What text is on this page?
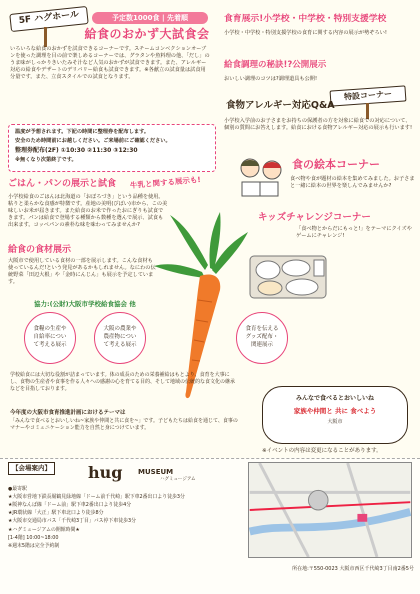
5F ハグホール	予定数1000食 | 先着順
給食のおかず大試食会
いろいろな給食のおかずを試食できるコーナーです。スチームコンベクションオーブンを使った調理を目の前で楽しめるコーナーでは、グラタンや魚料理の他、「だし」のうま味がしっかりきいたみそ汁など人気のおかずが試食できます。また、アレルギー対応の給食やデザートのデリバリー給食も試食できます。※各献立の試食量は試食用分量です。また、立食スタイルでの試食となります。

温度が予想されます。下記の時間に整理券を配布します。

安全のため時間前にお越しください。ご来場前にご確認ください。

整理券配布(2F) ①10:30 ②11:30 ③12:30

※無くなり次第終了です。

ごはん・パンの展示と試食 牛乳と関する展示も!
小学校給食のごはんは北海道の「おぼろづき」という品種を使用。粘りと柔らかな食感が特徴です。産地の美明(びばい)市から、この美味しいお米が届きます。また給食のお米で作ったおにぎりも試食できます。パンは給食で登場する種類から数種を選んで展示、試食も出来ます。コッペパンの素朴な味を味わってみませんか?
給食の食材展示
大阪市で使用している食材の一部を展示します。こんな食材も使っているんだ!という発見があるかもしれません。なにわの伝統野菜「田辺大根」や「金時にんじん」も展示を予定しています。
協力:(公財)大阪市学校給食協会 他
食糧の生産や自給率について考える展示
大阪の農業や農産物について考える展示
食育を伝えるグッズ配布・関連展示
食育展示!小学校・中学校・特別支援学校
小学校・中学校・特別支援学校の食育に関する内容の展示が勢ぞろい!
給食調理の秘訣!?公開展示
おいしい調理のコツは?調理道具も公開!
特設コーナー
食物アレルギー対応Q&A
小学校入学前のお子さまをお持ちの保護者の方を対象に給食での対応について、個別の質問にお答えします。給食における食物アレルギー対応の展示も行います!
食の絵本コーナー
食べ物や食が題材の絵本を集めてみました。お子さまと一緒に絵本の世界を楽しんでみませんか?
キッズチャレンジコーナー
「食べ物とからだにもっと!」をテーマにクイズやゲームにチャレンジ!
学校給食には大切な役割が詰まっています。体の成長のための栄養補給はもとより、食育を大事にし、食物の生産者や食事を作る人々への感謝の心を育てる目的、そして地域の伝統的な食文化の継承などを目指しております。
今年度の大阪市食育推進計画におけるテーマは
「みんなで食べるとおいしいね~家族や仲間と共に食を~」です。子どもたちは給食を通じて、食事のマナーやコミュニケーション能力を自然と身につけています。
みんなで食べるとおいしいね
家族や仲間と 共に 食べよう
大阪市
※イベントの内容は変更になることがあります。
【会場案内】 hug MUSEUM
ハグミュージアム

●最寄駅

★大阪市営地下鉄長堀鶴見緑地線「ドーム前千代崎」駅下車2番出口より徒歩3分

★阪神なんば線「ドーム前」駅下車2番出口より徒歩4分

★JR環状線「大正」駅下車北口より徒歩8分

★大阪市交通局市バス「千代崎3丁目」バス停下車徒歩3分

★ハグミュージアムの開館時間★

[1-4階] 10:00~18:00

※週末5階は完全予約制

所在地:〒550-0023 大阪市西区千代崎3丁目南2番5号
